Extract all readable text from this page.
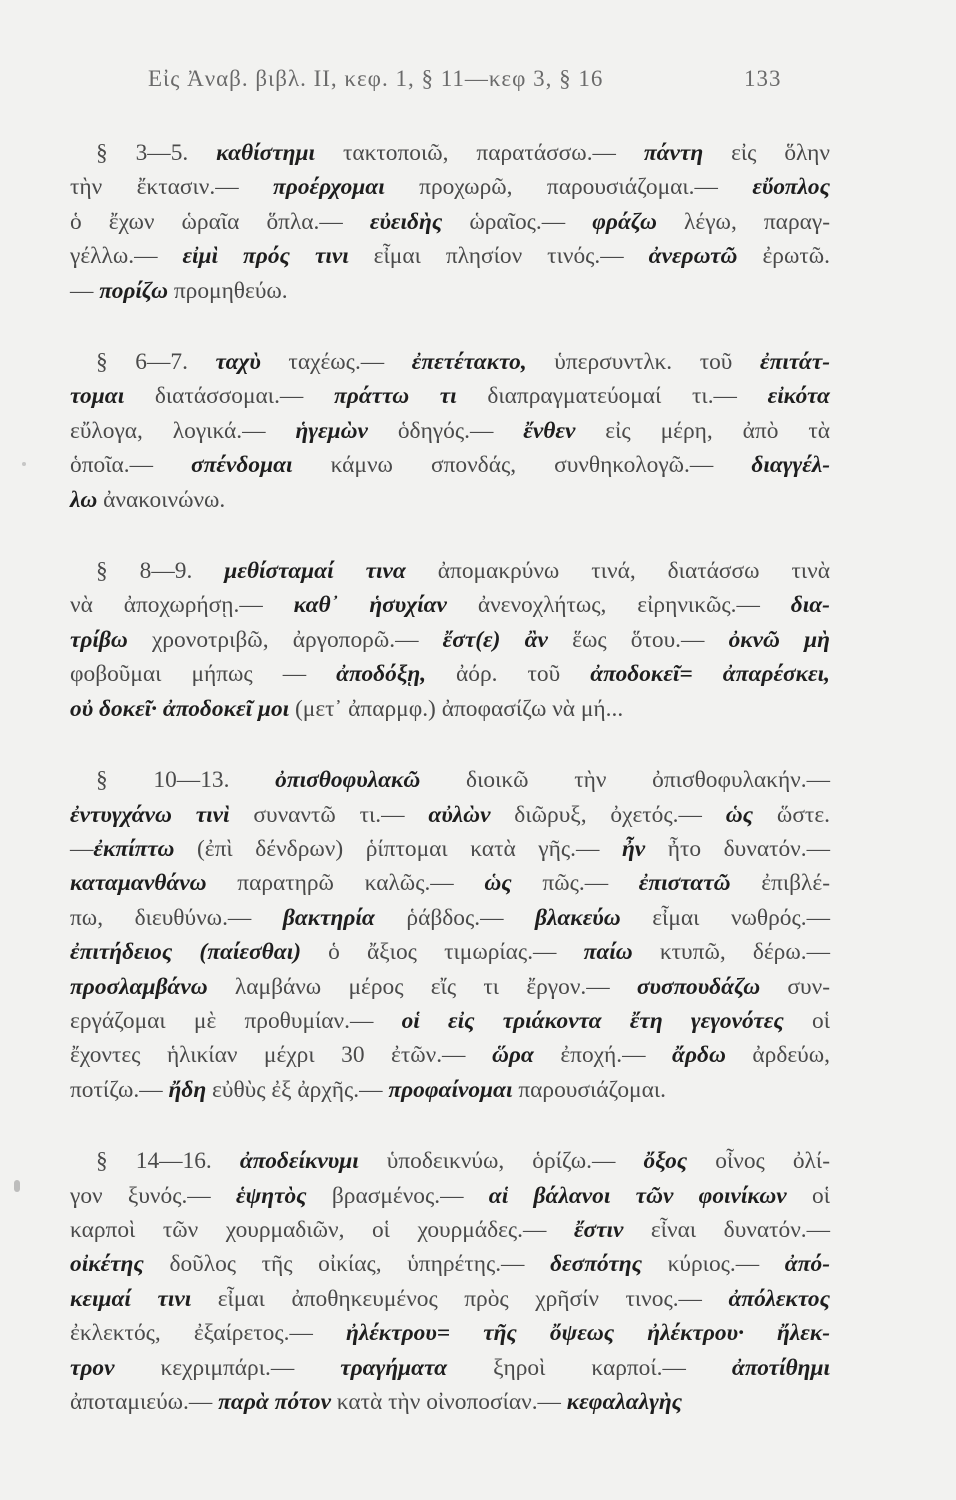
Εἰς Ἀναβ. βιβλ. ΙΙ, κεφ. 1, § 11—κεφ 3, § 16	133
§ 3—5. καθίστημι τακτοποιῶ, παρατάσσω.— πάντη εἰς ὅλην
τὴν ἔκτασιν.— προέρχομαι προχωρῶ, παρουσιάζομαι.— εὔοπλος
ὁ ἔχων ὡραῖα ὅπλα.— εὐειδὴς ὡραῖος.— φράζω λέγω, παραγ-
γέλλω.— εἰμὶ πρός τινι εἶμαι πλησίον τινός.— ἀνερωτῶ ἐρωτῶ.
— πορίζω προμηθεύω.
§ 6—7. ταχὺ ταχέως.— ἐπετέτακτο, ὑπερσυντλκ. τοῦ ἐπιτάτ-
τομαι διατάσσομαι.— πράττω τι διαπραγματεύομαί τι.— εἰκότα
εὔλογα, λογικά.— ἡγεμὼν ὁδηγός.— ἔνθεν εἰς μέρη, ἀπὸ τὰ
ὁποῖα.— σπένδομαι κάμνω σπονδάς, συνθηκολογῶ.— διαγγέλ-
λω ἀνακοινώνω.
§ 8—9. μεθίσταμαί τινα ἀπομακρύνω τινά, διατάσσω τινὰ
νὰ ἀποχωρήσῃ.— καθ᾿ ἡσυχίαν ἀνενοχλήτως, εἰρηνικῶς.— δια-
τρίβω χρονοτριβῶ, ἀργοπορῶ.— ἔστ(ε) ἂν ἕως ὅτου.— ὀκνῶ μὴ
φοβοῦμαι μήπως — ἀποδόξῃ, ἀόρ. τοῦ ἀποδοκεῖ= ἀπαρέσκει,
οὐ δοκεῖ· ἀποδοκεῖ μοι (μετ᾿ ἀπαρμφ.) ἀποφασίζω νὰ μή...
§ 10—13. ὀπισθοφυλακῶ διοικῶ τὴν ὀπισθοφυλακήν.—
ἐντυγχάνω τινὶ συναντῶ τι.— αὐλὼν διῶρυξ, ὀχετός.— ὡς ὥστε.
—ἐκπίπτω (ἐπὶ δένδρων) ῥίπτομαι κατὰ γῆς.— ἦν ἦτο δυνατόν.—
καταμανθάνω παρατηρῶ καλῶς.— ὡς πῶς.— ἐπιστατῶ ἐπιβλέ-
πω, διευθύνω.— βακτηρία ῥάβδος.— βλακεύω εἶμαι νωθρός.—
ἐπιτήδειος (παίεσθαι) ὁ ἄξιος τιμωρίας.— παίω κτυπῶ, δέρω.—
προσλαμβάνω λαμβάνω μέρος εἴς τι ἔργον.— συσπουδάζω συν-
εργάζομαι μὲ προθυμίαν.— οἱ εἰς τριάκοντα ἔτη γεγονότες οἱ
ἔχοντες ἡλικίαν μέχρι 30 ἐτῶν.— ὥρα ἐποχή.— ἄρδω ἀρδεύω,
ποτίζω.— ἤδη εὐθὺς ἐξ ἀρχῆς.— προφαίνομαι παρουσιάζομαι.
§ 14—16. ἀποδείκνυμι ὑποδεικνύω, ὁρίζω.— ὄξος οἶνος ὀλί-
γον ξυνός.— ἑψητὸς βρασμένος.— αἱ βάλανοι τῶν φοινίκων οἱ
καρποὶ τῶν χουρμαδιῶν, οἱ χουρμάδες.— ἔστιν εἶναι δυνατόν.—
οἰκέτης δοῦλος τῆς οἰκίας, ὑπηρέτης.— δεσπότης κύριος.— ἀπό-
κειμαί τινι εἶμαι ἀποθηκευμένος πρὸς χρῆσίν τινος.— ἀπόλεκτος
ἐκλεκτός, ἐξαίρετος.— ἠλέκτρου= τῆς ὄψεως ἠλέκτρου· ἤλεκ-
τρον κεχριμπάρι.— τραγήματα ξηροὶ καρποί.— ἀποτίθημι
ἀποταμιεύω.— παρὰ πότον κατὰ τὴν οἰνοποσίαν.— κεφαλαλγὴς
